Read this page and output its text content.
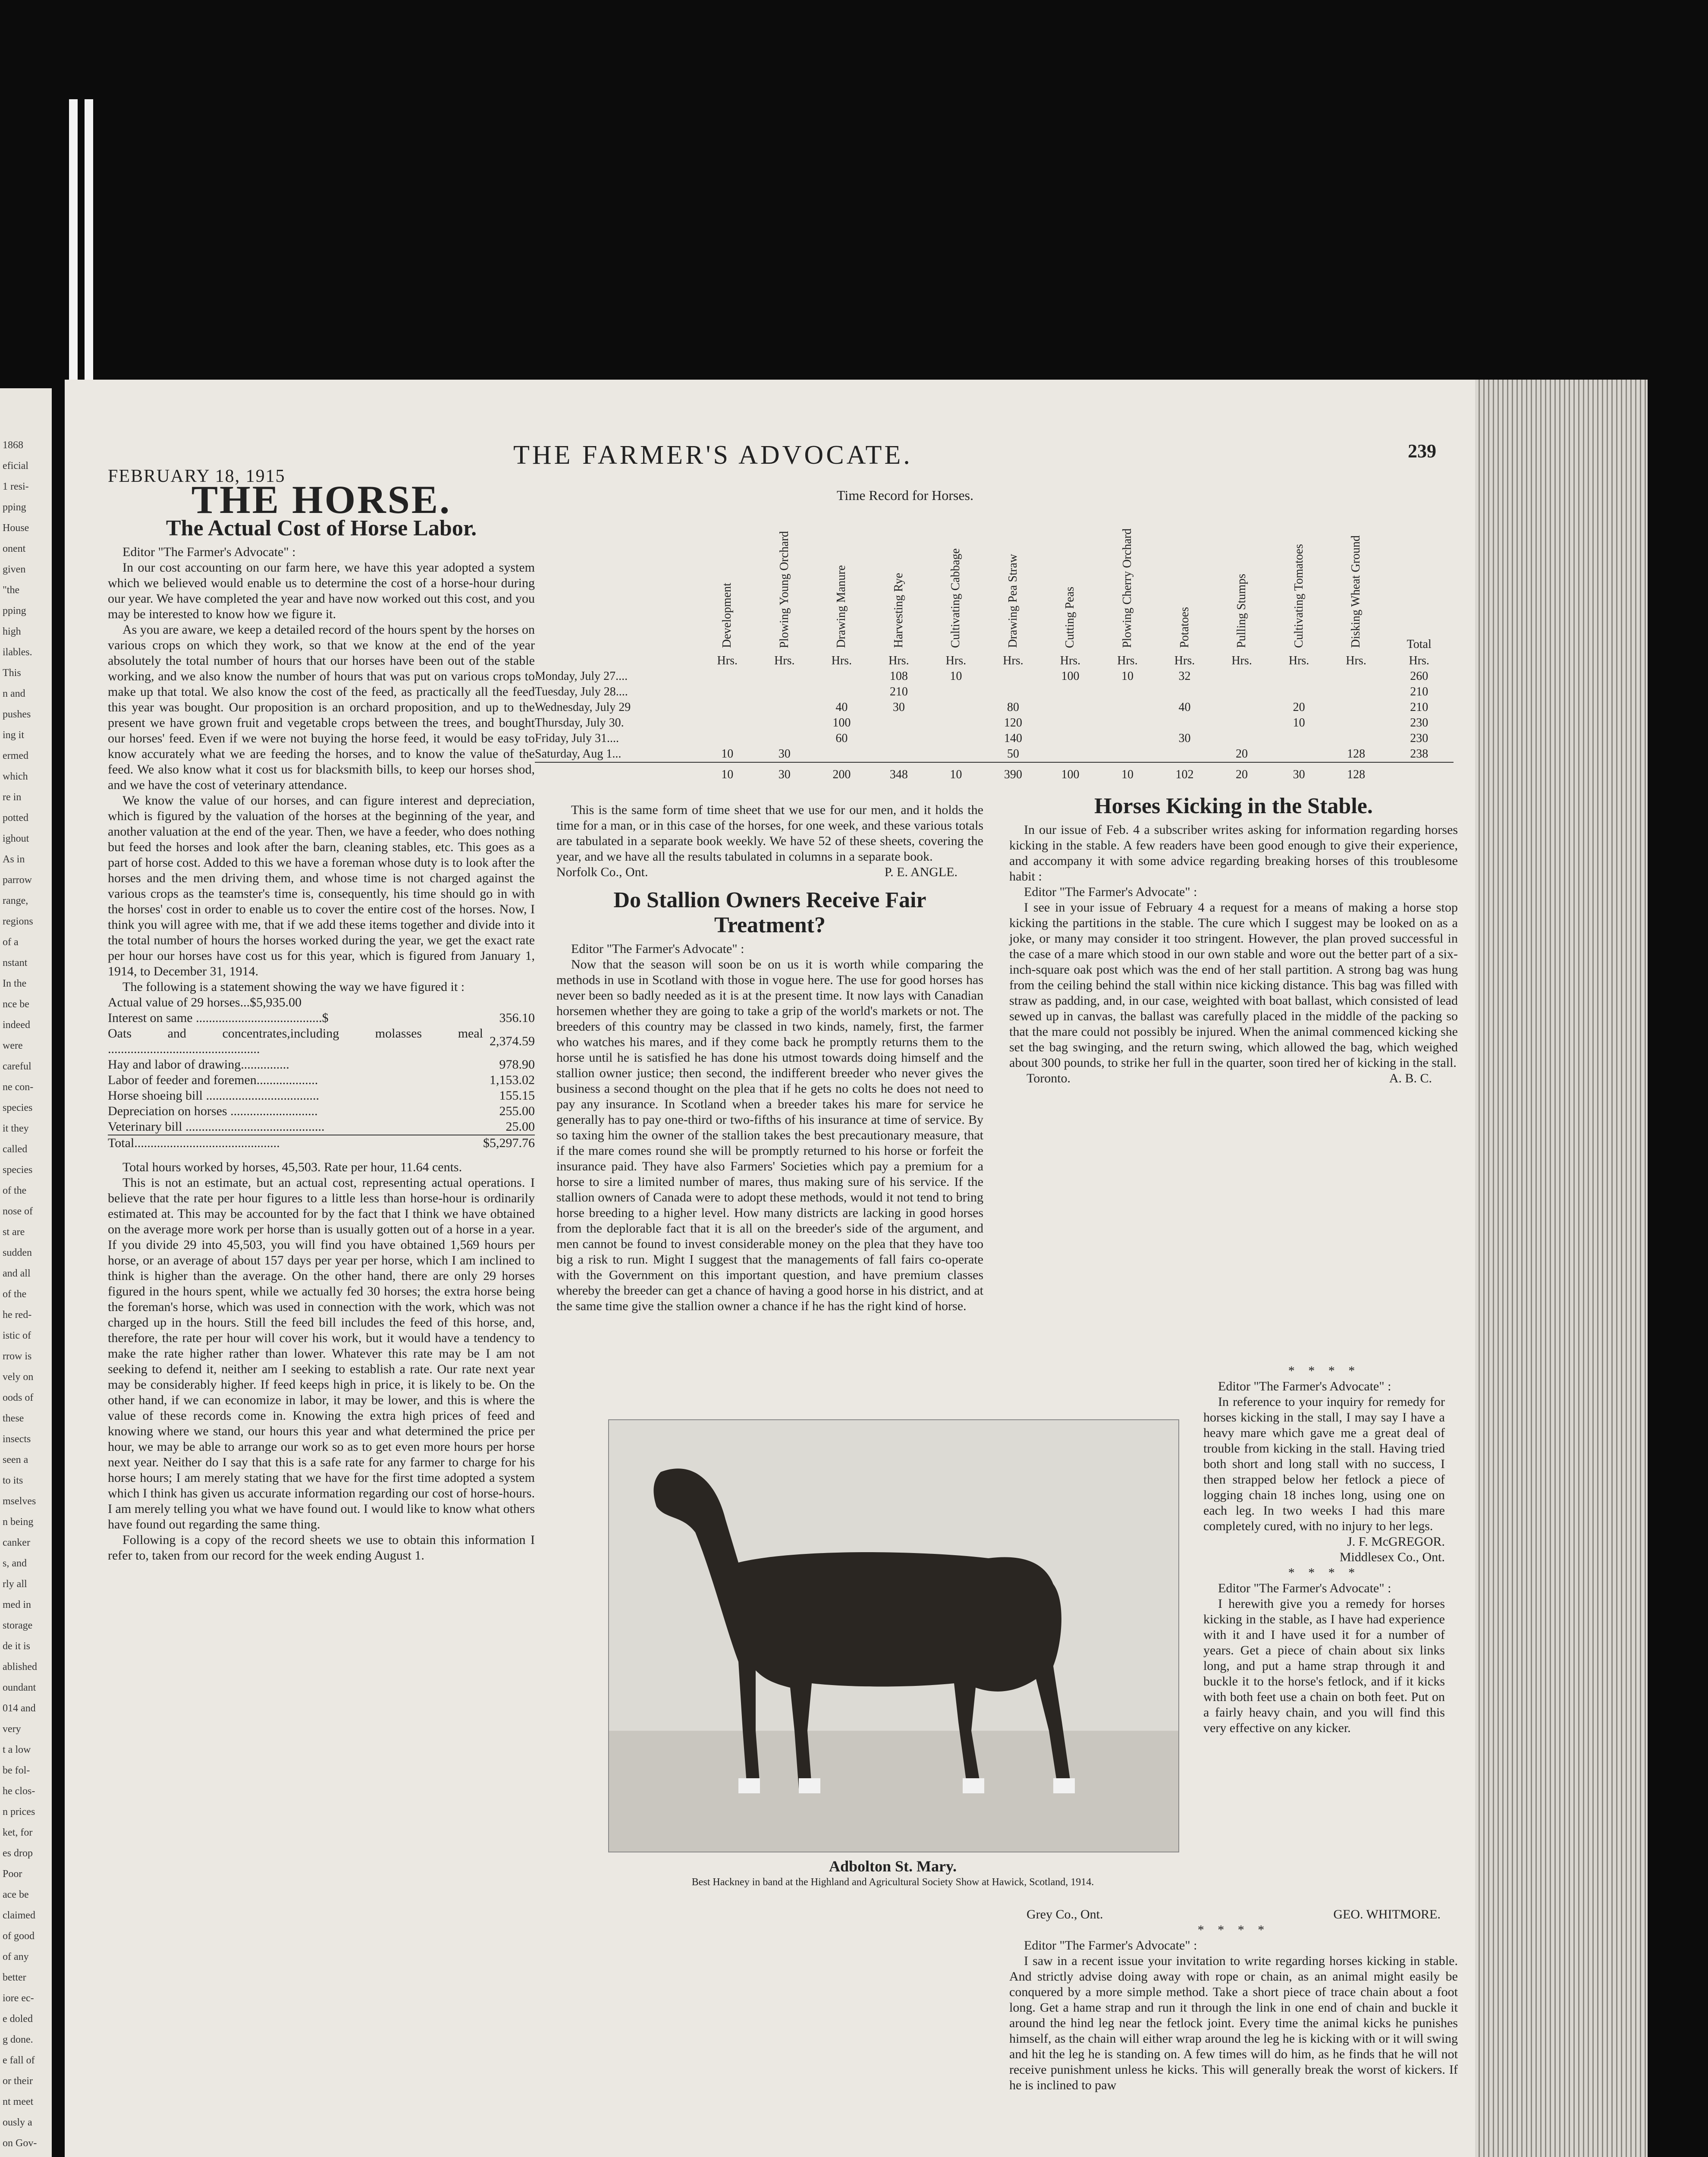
1868
eficial
1 resi-
pping
House
onent
given
"the
pping
high
ilables.
This
n and
pushes
ing it
ermed
which
re in
potted
ighout
As in
parrow
range,
regions
of a
nstant
In the
nce be
indeed
were
careful
ne con-
species
it they
called
species
of the
nose of
st are
sudden
and all
of the
he red-
istic of
rrow is
vely on
oods of
these
insects
seen a
to its
mselves
n being
canker
s, and
rly all
med in
storage
de it is
ablished
oundant
014 and
very
t a low
be fol-
he clos-
n prices
ket, for
es drop
Poor
ace be
claimed
of good
of any
better
iore ec-
e doled
g done.
e fall of
or their
nt meet
ously a
on Gov-
FEBRUARY 18, 1915
THE FARMER'S ADVOCATE.	239
THE HORSE.
The Actual Cost of Horse Labor.

Editor "The Farmer's Advocate" :

In our cost accounting on our farm here, we have this year adopted a system which we believed would enable us to determine the cost of a horse-hour during our year. We have completed the year and have now worked out this cost, and you may be interested to know how we figure it.

As you are aware, we keep a detailed record of the hours spent by the horses on various crops on which they work, so that we know at the end of the year absolutely the total number of hours that our horses have been out of the stable working, and we also know the number of hours that was put on various crops to make up that total. We also know the cost of the feed, as practically all the feed this year was bought. Our proposition is an orchard proposition, and up to the present we have grown fruit and vegetable crops between the trees, and bought our horses' feed. Even if we were not buying the horse feed, it would be easy to know accurately what we are feeding the horses, and to know the value of the feed. We also know what it cost us for blacksmith bills, to keep our horses shod, and we have the cost of veterinary attendance.

We know the value of our horses, and can figure interest and depreciation, which is figured by the valuation of the horses at the beginning of the year, and another valuation at the end of the year. Then, we have a feeder, who does nothing but feed the horses and look after the barn, cleaning stables, etc. This goes as a part of horse cost. Added to this we have a foreman whose duty is to look after the horses and the men driving them, and whose time is not charged against the various crops as the teamster's time is, consequently, his time should go in with the horses' cost in order to enable us to cover the entire cost of the horses. Now, I think you will agree with me, that if we add these items together and divide into it the total number of hours the horses worked during the year, we get the exact rate per hour our horses have cost us for this year, which is figured from January 1, 1914, to December 31, 1914.

The following is a statement showing the way we have figured it :

Actual value of 29 horses...$5,935.00	
Interest on same .......................................$	356.10
Oats and concentrates,including molasses meal ...............................................	2,374.59
Hay and labor of drawing...............	978.90
Labor of feeder and foremen...................	1,153.02
Horse shoeing bill ...................................	155.15
Depreciation on horses ...........................	255.00
Veterinary bill ...........................................	25.00
Total.............................................	$5,297.76

Total hours worked by horses, 45,503. Rate per hour, 11.64 cents.

This is not an estimate, but an actual cost, representing actual operations. I believe that the rate per hour figures to a little less than horse-hour is ordinarily estimated at. This may be accounted for by the fact that I think we have obtained on the average more work per horse than is usually gotten out of a horse in a year. If you divide 29 into 45,503, you will find you have obtained 1,569 hours per horse, or an average of about 157 days per year per horse, which I am inclined to think is higher than the average. On the other hand, there are only 29 horses figured in the hours spent, while we actually fed 30 horses; the extra horse being the foreman's horse, which was used in connection with the work, which was not charged up in the hours. Still the feed bill includes the feed of this horse, and, therefore, the rate per hour will cover his work, but it would have a tendency to make the rate higher rather than lower. Whatever this rate may be I am not seeking to defend it, neither am I seeking to establish a rate. Our rate next year may be considerably higher. If feed keeps high in price, it is likely to be. On the other hand, if we can economize in labor, it may be lower, and this is where the value of these records come in. Knowing the extra high prices of feed and knowing where we stand, our hours this year and what determined the price per hour, we may be able to arrange our work so as to get even more hours per horse next year. Neither do I say that this is a safe rate for any farmer to charge for his horse hours; I am merely stating that we have for the first time adopted a system which I think has given us accurate information regarding our cost of horse-hours. I am merely telling you what we have found out. I would like to know what others have found out regarding the same thing.

Following is a copy of the record sheets we use to obtain this information I refer to, taken from our record for the week ending August 1.

Time Record for Horses.
	Development	Plowing Young Orchard	Drawing Manure	Harvesting Rye	Cultivating Cabbage	Drawing Pea Straw	Cutting Peas	Plowing Cherry Orchard	Potatoes	Pulling Stumps	Cultivating Tomatoes	Disking Wheat Ground	Total
	Hrs.	Hrs.	Hrs.	Hrs.	Hrs.	Hrs.	Hrs.	Hrs.	Hrs.	Hrs.	Hrs.	Hrs.	Hrs.
Monday, July 27....				108	10		100	10	32				260
Tuesday, July 28....				210									210
Wednesday, July 29			40	30		80			40		20		210
Thursday, July 30.			100			120					10		230
Friday, July 31....			60			140			30				230
Saturday, Aug 1...	10	30				50				20		128	238
	10	30	200	348	10	390	100	10	102	20	30	128	

This is the same form of time sheet that we use for our men, and it holds the time for a man, or in this case of the horses, for one week, and these various totals are tabulated in a separate book weekly. We have 52 of these sheets, covering the year, and we have all the results tabulated in columns in a separate book.

Norfolk Co., Ont.	P. E. ANGLE.
Do Stallion Owners Receive Fair Treatment?

Editor "The Farmer's Advocate" :

Now that the season will soon be on us it is worth while comparing the methods in use in Scotland with those in vogue here. The use for good horses has never been so badly needed as it is at the present time. It now lays with Canadian horsemen whether they are going to take a grip of the world's markets or not. The breeders of this country may be classed in two kinds, namely, first, the farmer who watches his mares, and if they come back he promptly returns them to the horse until he is satisfied he has done his utmost towards doing himself and the stallion owner justice; then second, the indifferent breeder who never gives the business a second thought on the plea that if he gets no colts he does not need to pay any insurance. In Scotland when a breeder takes his mare for service he generally has to pay one-third or two-fifths of his insurance at time of service. By so taxing him the owner of the stallion takes the best precautionary measure, that if the mare comes round she will be promptly returned to his horse or forfeit the insurance paid. They have also Farmers' Societies which pay a premium for a horse to sire a limited number of mares, thus making sure of his service. If the stallion owners of Canada were to adopt these methods, would it not tend to bring horse breeding to a higher level. How many districts are lacking in good horses from the deplorable fact that it is all on the breeder's side of the argument, and men cannot be found to invest considerable money on the plea that they have too big a risk to run. Might I suggest that the managements of fall fairs co-operate with the Government on this important question, and have premium classes whereby the breeder can get a chance of having a good horse in his district, and at the same time give the stallion owner a chance if he has the right kind of horse.

Horses Kicking in the Stable.

In our issue of Feb. 4 a subscriber writes asking for information regarding horses kicking in the stable. A few readers have been good enough to give their experience, and accompany it with some advice regarding breaking horses of this troublesome habit :

Editor "The Farmer's Advocate" :

I see in your issue of February 4 a request for a means of making a horse stop kicking the partitions in the stable. The cure which I suggest may be looked on as a joke, or many may consider it too stringent. However, the plan proved successful in the case of a mare which stood in our own stable and wore out the better part of a six-inch-square oak post which was the end of her stall partition. A strong bag was hung from the ceiling behind the stall within nice kicking distance. This bag was filled with straw as padding, and, in our case, weighted with boat ballast, which consisted of lead sewed up in canvas, the ballast was carefully placed in the middle of the packing so that the mare could not possibly be injured. When the animal commenced kicking she set the bag swinging, and the return swing, which allowed the bag, which weighed about 300 pounds, to strike her full in the quarter, soon tired her of kicking in the stall.

Toronto.	A. B. C.
* * * *

Editor "The Farmer's Advocate" :

In reference to your inquiry for remedy for horses kicking in the stall, I may say I have a heavy mare which gave me a great deal of trouble from kicking in the stall. Having tried both short and long stall with no success, I then strapped below her fetlock a piece of logging chain 18 inches long, using one on each leg. In two weeks I had this mare completely cured, with no injury to her legs.

J. F. McGREGOR.
Middlesex Co., Ont.
* * * *

Editor "The Farmer's Advocate" :

I herewith give you a remedy for horses kicking in the stable, as I have had experience with it and I have used it for a number of years. Get a piece of chain about six links long, and put a hame strap through it and buckle it to the horse's fetlock, and if it kicks with both feet use a chain on both feet. Put on a fairly heavy chain, and you will find this very effective on any kicker.

Adbolton St. Mary.
Best Hackney in band at the Highland and Agricultural Society Show at Hawick, Scotland, 1914.
Grey Co., Ont.	GEO. WHITMORE.
* * * *

Editor "The Farmer's Advocate" :

I saw in a recent issue your invitation to write regarding horses kicking in stable. And strictly advise doing away with rope or chain, as an animal might easily be conquered by a more simple method. Take a short piece of trace chain about a foot long. Get a hame strap and run it through the link in one end of chain and buckle it around the hind leg near the fetlock joint. Every time the animal kicks he punishes himself, as the chain will either wrap around the leg he is kicking with or it will swing and hit the leg he is standing on. A few times will do him, as he finds that he will not receive punishment unless he kicks. This will generally break the worst of kickers. If he is inclined to paw
